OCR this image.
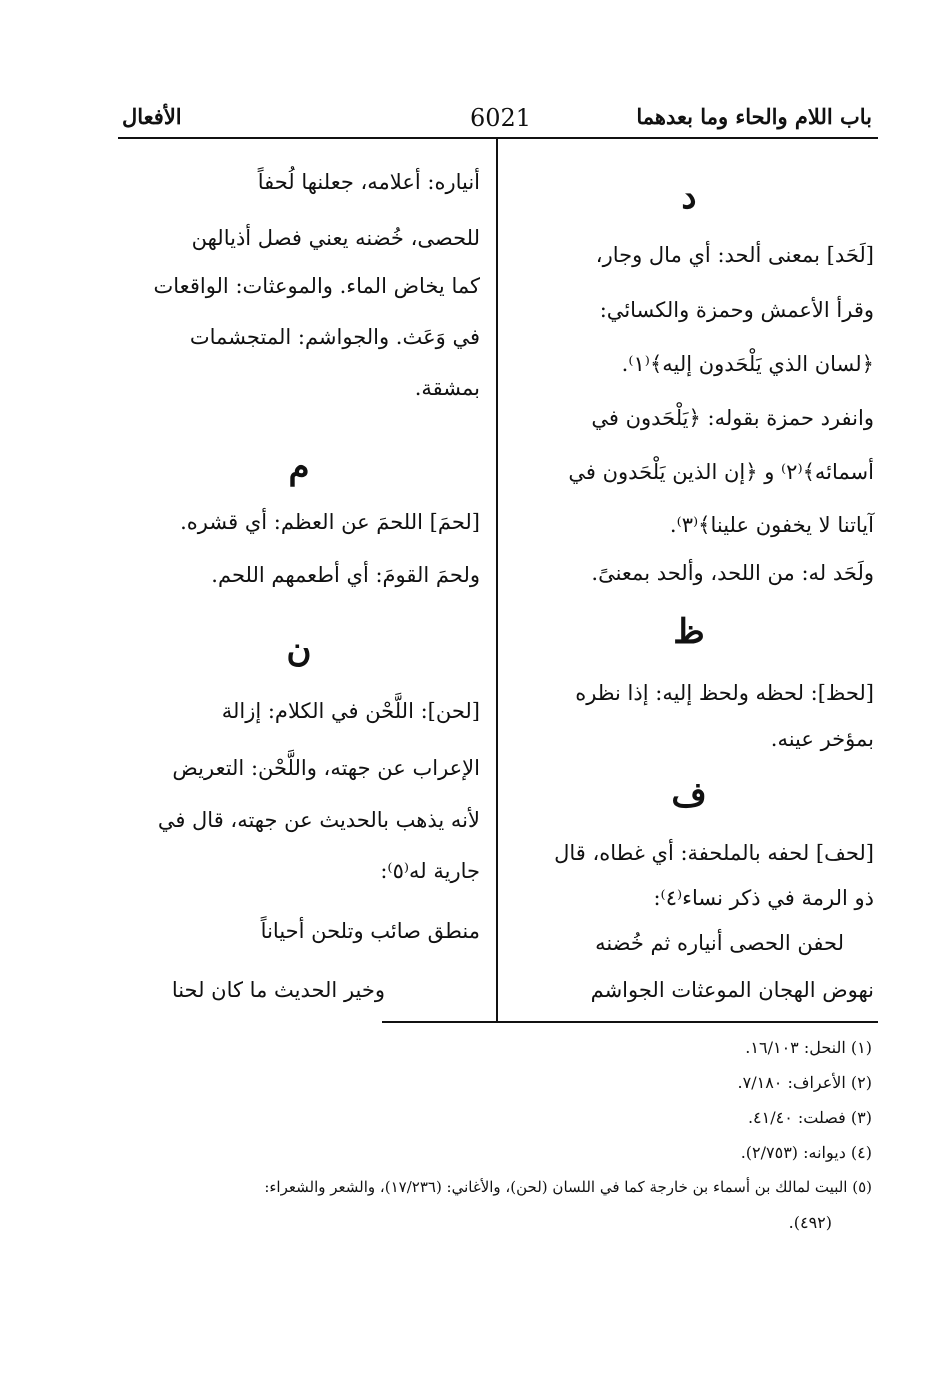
باب اللام والحاء وما بعدهما
6021
الأفعال
د
[لَحَد] بمعنى ألحد: أي مال وجار،
وقرأ الأعمش وحمزة والكسائي:
﴿لسان الذي يَلْحَدون إليه﴾⁽١⁾.
وانفرد حمزة بقوله: ﴿يَلْحَدون في
أسمائه﴾⁽٢⁾ و ﴿إن الذين يَلْحَدون في
آياتنا لا يخفون علينا﴾⁽٣⁾.
ولَحَد له: من اللحد، وألحد بمعنىً.
ظ
[لحظ]: لحظه ولحظ إليه: إذا نظره
بمؤخر عينه.
ف
[لحف] لحفه بالملحفة: أي غطاه، قال
ذو الرمة في ذكر نساء⁽٤⁾:
لحفن الحصى أنياره ثم خُضنه
نهوض الهجان الموعثات الجواشم
أنياره: أعلامه، جعلنها لُحفاً
للحصى، خُضنه يعني فصل أذيالهن
كما يخاض الماء. والموعثات: الواقعات
في وَعَث. والجواشم: المتجشمات
بمشقة.
م
[لحمَ] اللحمَ عن العظم: أي قشره.
ولحمَ القومَ: أي أطعمهم اللحم.
ن
[لحن]: اللَّحْن في الكلام: إزالة
الإعراب عن جهته، واللَّحْن: التعريض
لأنه يذهب بالحديث عن جهته، قال في
جارية له⁽٥⁾:
منطق صائب وتلحن أحياناً
وخير الحديث ما كان لحنا
(١) النحل: ١٦/١٠٣.
(٢) الأعراف: ٧/١٨٠.
(٣) فصلت: ٤١/٤٠.
(٤) ديوانه: (٢/٧٥٣).
(٥) البيت لمالك بن أسماء بن خارجة كما في اللسان (لحن)، والأغاني: (١٧/٢٣٦)، والشعر والشعراء:
(٤٩٢).
